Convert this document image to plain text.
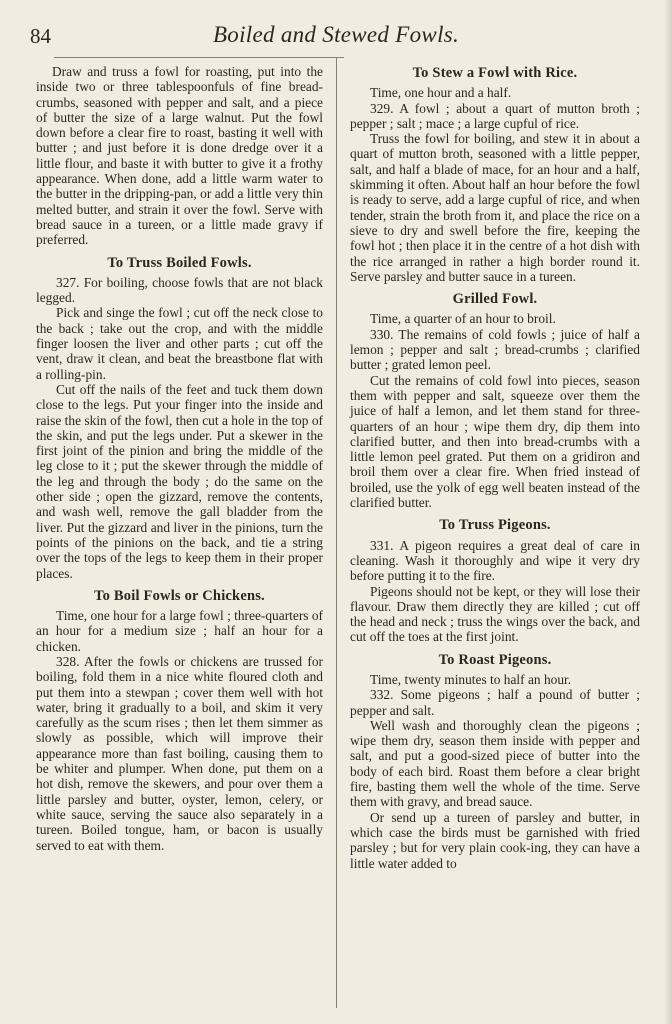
84	Boiled and Stewed Fowls.

Draw and truss a fowl for roasting, put into the inside two or three tablespoonfuls of fine bread-crumbs, seasoned with pepper and salt, and a piece of butter the size of a large walnut. Put the fowl down before a clear fire to roast, basting it well with butter ; and just before it is done dredge over it a little flour, and baste it with butter to give it a frothy appearance. When done, add a little warm water to the butter in the dripping-pan, or add a little very thin melted butter, and strain it over the fowl. Serve with bread sauce in a tureen, or a little made gravy if preferred.

To Truss Boiled Fowls.

327. For boiling, choose fowls that are not black legged.

Pick and singe the fowl ; cut off the neck close to the back ; take out the crop, and with the middle finger loosen the liver and other parts ; cut off the vent, draw it clean, and beat the breastbone flat with a rolling-pin.

Cut off the nails of the feet and tuck them down close to the legs. Put your finger into the inside and raise the skin of the fowl, then cut a hole in the top of the skin, and put the legs under. Put a skewer in the first joint of the pinion and bring the middle of the leg close to it ; put the skewer through the middle of the leg and through the body ; do the same on the other side ; open the gizzard, remove the contents, and wash well, remove the gall bladder from the liver. Put the gizzard and liver in the pinions, turn the points of the pinions on the back, and tie a string over the tops of the legs to keep them in their proper places.

To Boil Fowls or Chickens.

Time, one hour for a large fowl ; three-quarters of an hour for a medium size ; half an hour for a chicken.

328. After the fowls or chickens are trussed for boiling, fold them in a nice white floured cloth and put them into a stewpan ; cover them well with hot water, bring it gradually to a boil, and skim it very carefully as the scum rises ; then let them simmer as slowly as possible, which will improve their appearance more than fast boiling, causing them to be whiter and plumper. When done, put them on a hot dish, remove the skewers, and pour over them a little parsley and butter, oyster, lemon, celery, or white sauce, serving the sauce also separately in a tureen. Boiled tongue, ham, or bacon is usually served to eat with them.

To Stew a Fowl with Rice.

Time, one hour and a half.

329. A fowl ; about a quart of mutton broth ; pepper ; salt ; mace ; a large cupful of rice.

Truss the fowl for boiling, and stew it in about a quart of mutton broth, seasoned with a little pepper, salt, and half a blade of mace, for an hour and a half, skimming it often. About half an hour before the fowl is ready to serve, add a large cupful of rice, and when tender, strain the broth from it, and place the rice on a sieve to dry and swell before the fire, keeping the fowl hot ; then place it in the centre of a hot dish with the rice arranged in rather a high border round it. Serve parsley and butter sauce in a tureen.

Grilled Fowl.

Time, a quarter of an hour to broil.

330. The remains of cold fowls ; juice of half a lemon ; pepper and salt ; bread-crumbs ; clarified butter ; grated lemon peel.

Cut the remains of cold fowl into pieces, season them with pepper and salt, squeeze over them the juice of half a lemon, and let them stand for three-quarters of an hour ; wipe them dry, dip them into clarified butter, and then into bread-crumbs with a little lemon peel grated. Put them on a gridiron and broil them over a clear fire. When fried instead of broiled, use the yolk of egg well beaten instead of the clarified butter.

To Truss Pigeons.

331. A pigeon requires a great deal of care in cleaning. Wash it thoroughly and wipe it very dry before putting it to the fire.

Pigeons should not be kept, or they will lose their flavour. Draw them directly they are killed ; cut off the head and neck ; truss the wings over the back, and cut off the toes at the first joint.

To Roast Pigeons.

Time, twenty minutes to half an hour.

332. Some pigeons ; half a pound of butter ; pepper and salt.

Well wash and thoroughly clean the pigeons ; wipe them dry, season them inside with pepper and salt, and put a good-sized piece of butter into the body of each bird. Roast them before a clear bright fire, basting them well the whole of the time. Serve them with gravy, and bread sauce.

Or send up a tureen of parsley and butter, in which case the birds must be garnished with fried parsley ; but for very plain cook-ing, they can have a little water added to
